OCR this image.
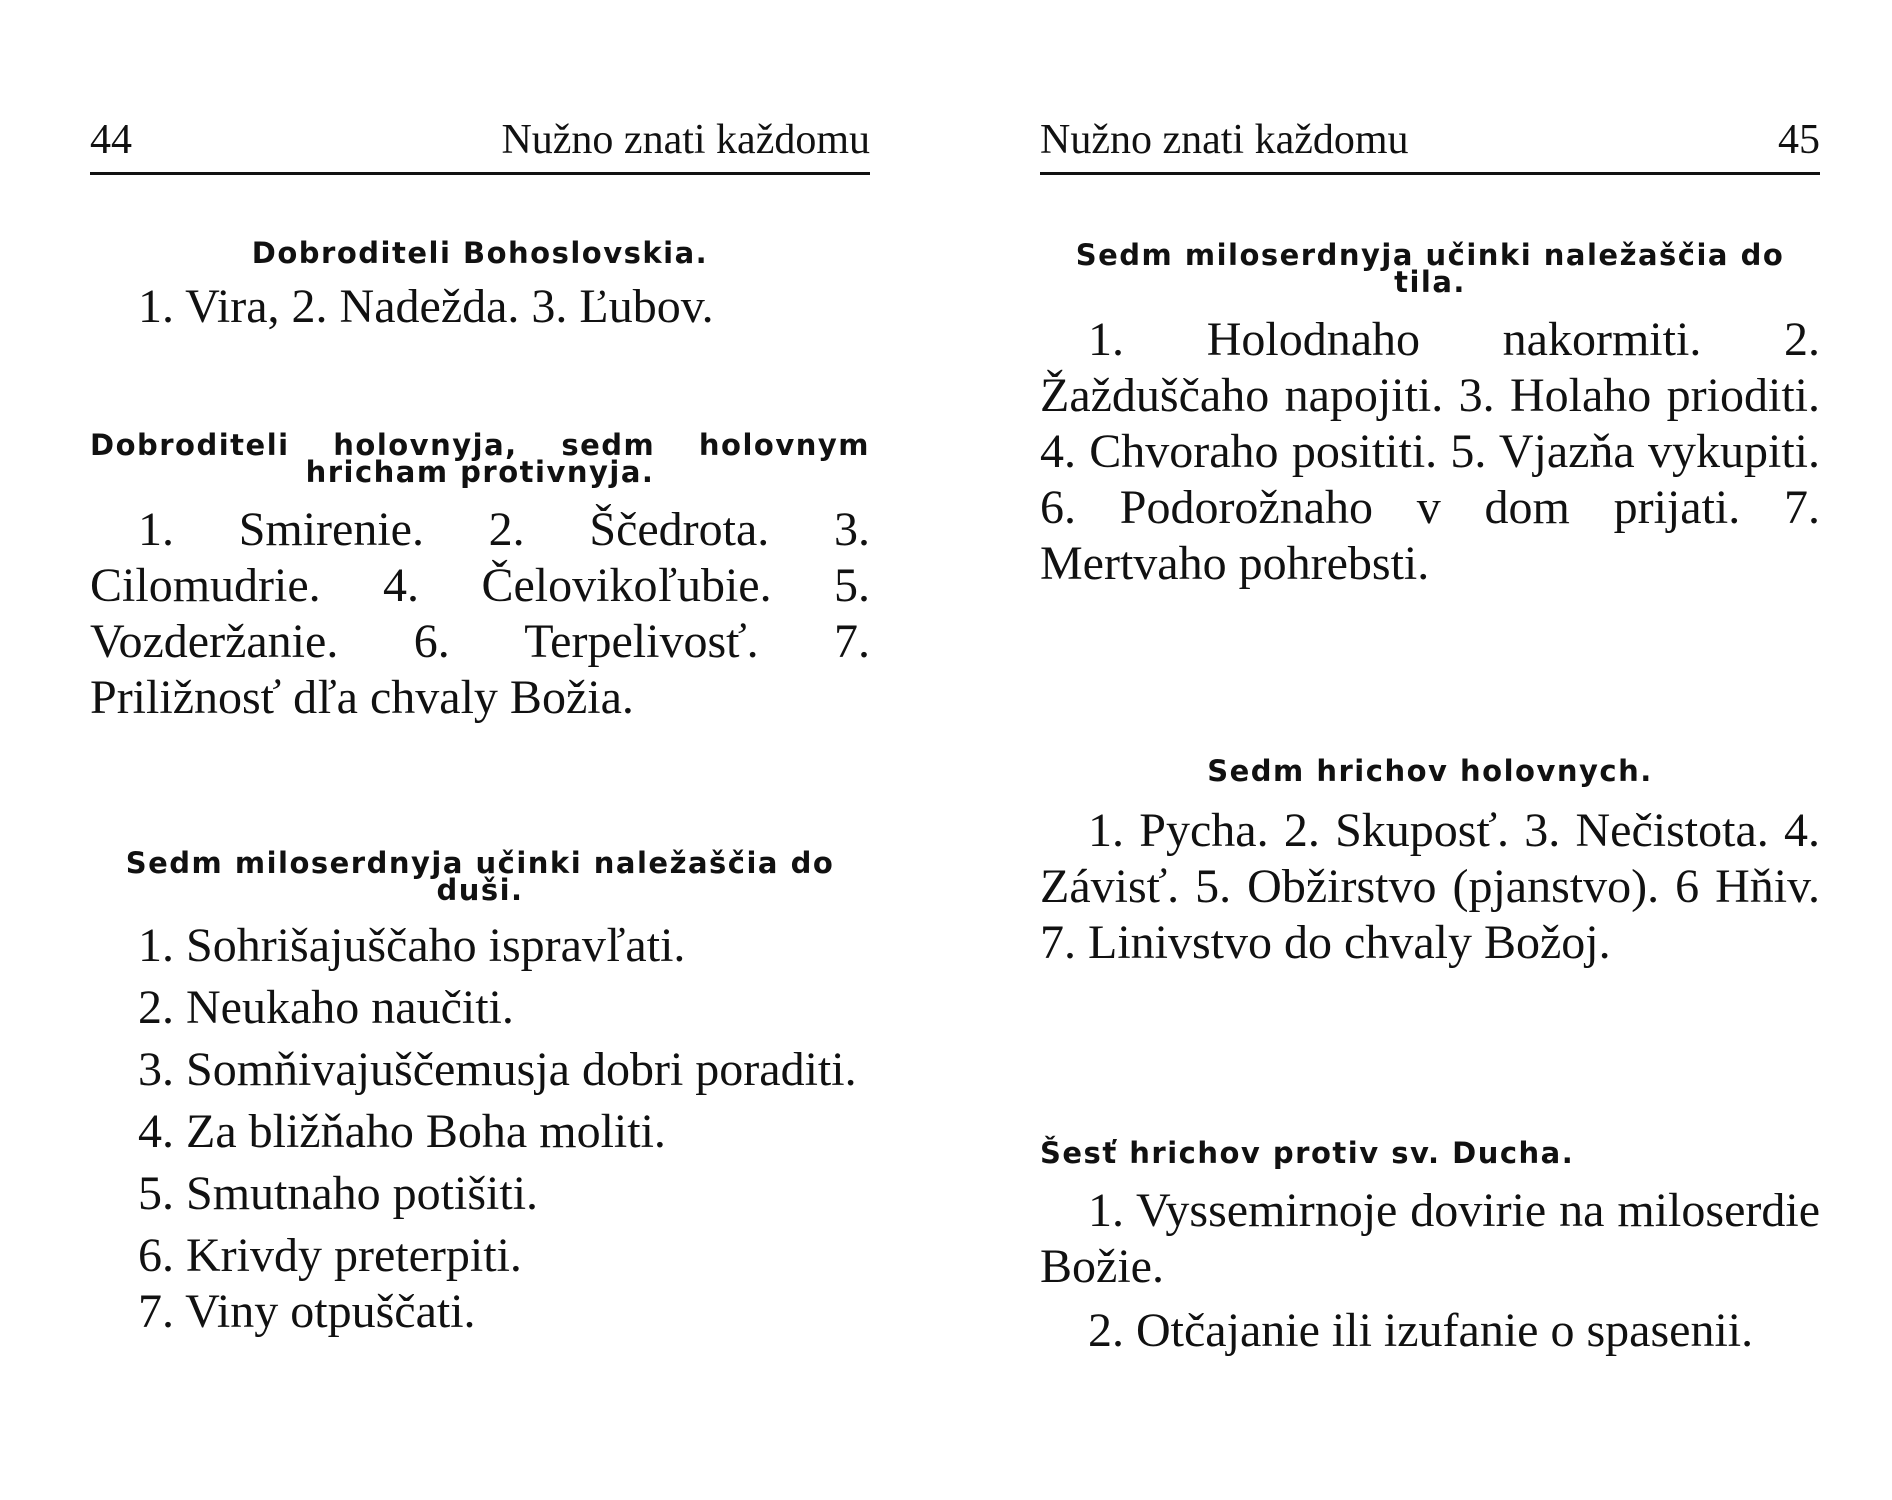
44	Nužno znati každomu

Dobroditeli Bohoslovskia.

1. Vira, 2. Nadežda. 3. Ľubov.

Dobroditeli holovnyja, sedm holovnym hricham protivnyja.

1. Smirenie. 2. Ščedrota. 3. Cilomudrie. 4. Čelovikoľubie. 5. Vozderžanie. 6. Terpelivosť. 7. Priližnosť dľa chvaly Božia.

Sedm miloserdnyja učinki naležaščia do duši.

1. Sohrišajuščaho ispravľati.

2. Neukaho naučiti.

3. Somňivajuščemusja dobri poraditi.

4. Za bližňaho Boha moliti.

5. Smutnaho potišiti.

6. Krivdy preterpiti.

7. Viny otpuščati.

Nužno znati každomu	45

Sedm miloserdnyja učinki naležaščia do tila.

1. Holodnaho nakormiti. 2. Žažduščaho napojiti. 3. Holaho prioditi. 4. Chvoraho posititi. 5. Vjazňa vykupiti. 6. Podorožnaho v dom prijati. 7. Mertvaho pohrebsti.

Sedm hrichov holovnych.

1. Pycha. 2. Skuposť. 3. Nečistota. 4. Závisť. 5. Obžirstvo (pjanstvo). 6 Hňiv. 7. Linivstvo do chvaly Božoj.

Šesť hrichov protiv sv. Ducha.

1. Vyssemirnoje dovirie na miloserdie Božie.

2. Otčajanie ili izufanie o spasenii.
